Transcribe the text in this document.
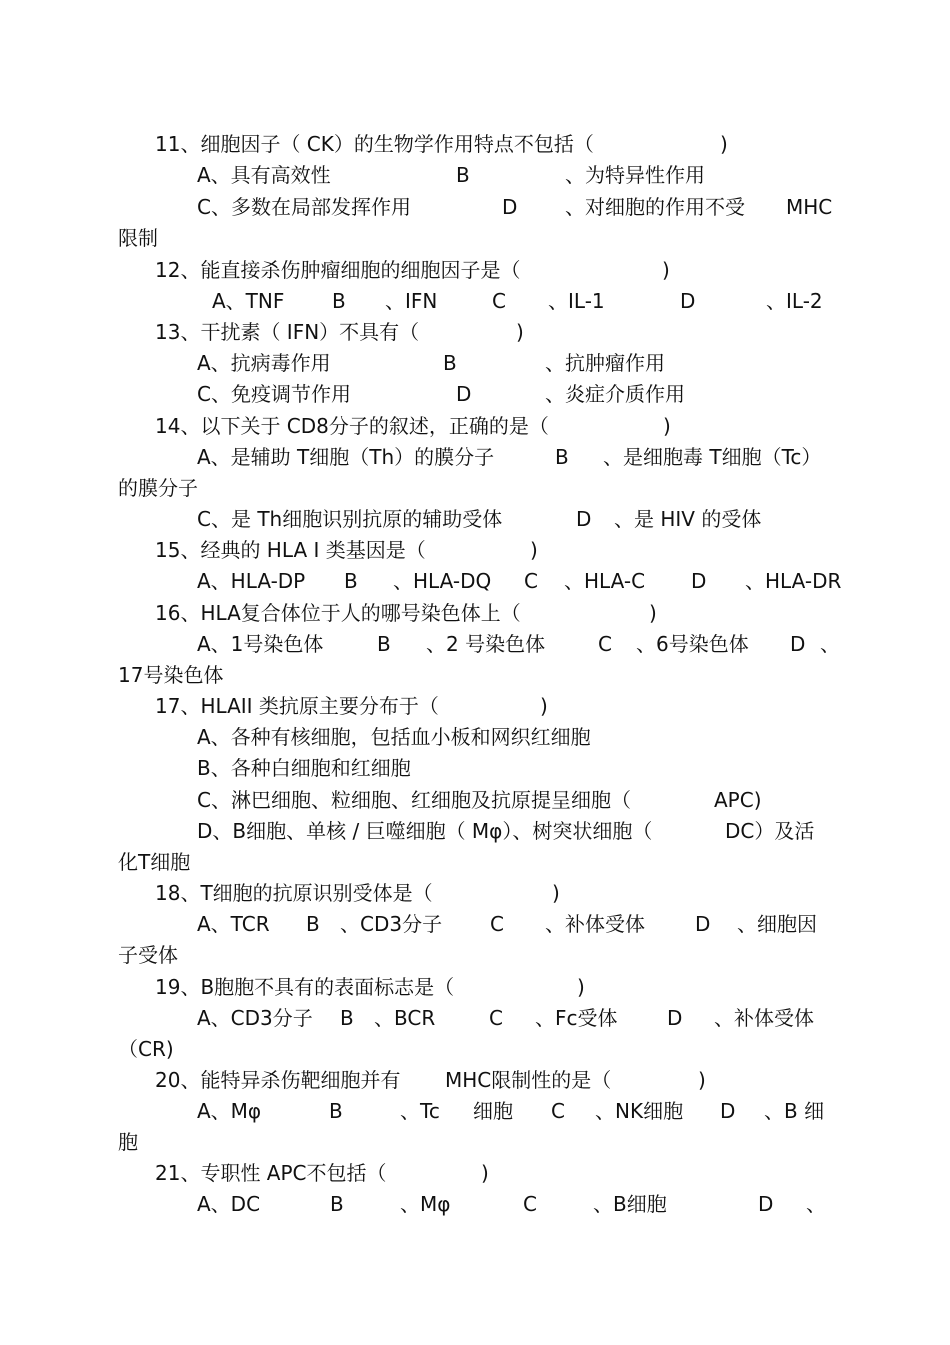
11、细胞因子（ CK）的生物学作用特点不包括（	)
A、具有高效性	B	、为特异性作用
C、多数在局部发挥作用	D 、对细胞的作用不受 MHC
限制
12、能直接杀伤肿瘤细胞的细胞因子是（	)
A、TNF B 、IFN	C 、IL-1	D	、IL-2
13、干扰素（ IFN）不具有（	)
A、抗病毒作用	B	、抗肿瘤作用
C、免疫调节作用	D	、炎症介质作用
14、以下关于 CD8分子的叙述，正确的是（	)
A、是辅助 T细胞（Th）的膜分子	B 、是细胞毒 T细胞（Tc）
的膜分子
C、是 Th细胞识别抗原的辅助受体	D 、是 HIV 的受体
15、经典的 HLA I 类基因是（	)
A、HLA-DP B 、HLA-DQ C 、HLA-C D 、HLA-DR
16、HLA复合体位于人的哪号染色体上（	)
A、1号染色体	B 、2 号染色体	C 、6号染色体 D 、
17号染色体
17、HLAII 类抗原主要分布于（	)
A、各种有核细胞，包括血小板和网织红细胞
B、各种白细胞和红细胞
C、淋巴细胞、粒细胞、红细胞及抗原提呈细胞（	APC)
D、B细胞、单核 / 巨噬细胞（ Mφ）、树突状细胞（	DC）及活
化T细胞
18、T细胞的抗原识别受体是（	)
A、TCR B 、CD3分子 C 、补体受体	D 、细胞因
子受体
19、B胞胞不具有的表面标志是（	)
A、CD3分子 B 、BCR	C 、Fc受体 D 、补体受体
（CR)
20、能特异杀伤靶细胞并有 MHC限制性的是（	)
A、Mφ	B	、Tc 细胞 C 、NK细胞 D 、B 细
胞
21、专职性 APC不包括（	)
A、DC	B	、Mφ	C	、B细胞	D 、
